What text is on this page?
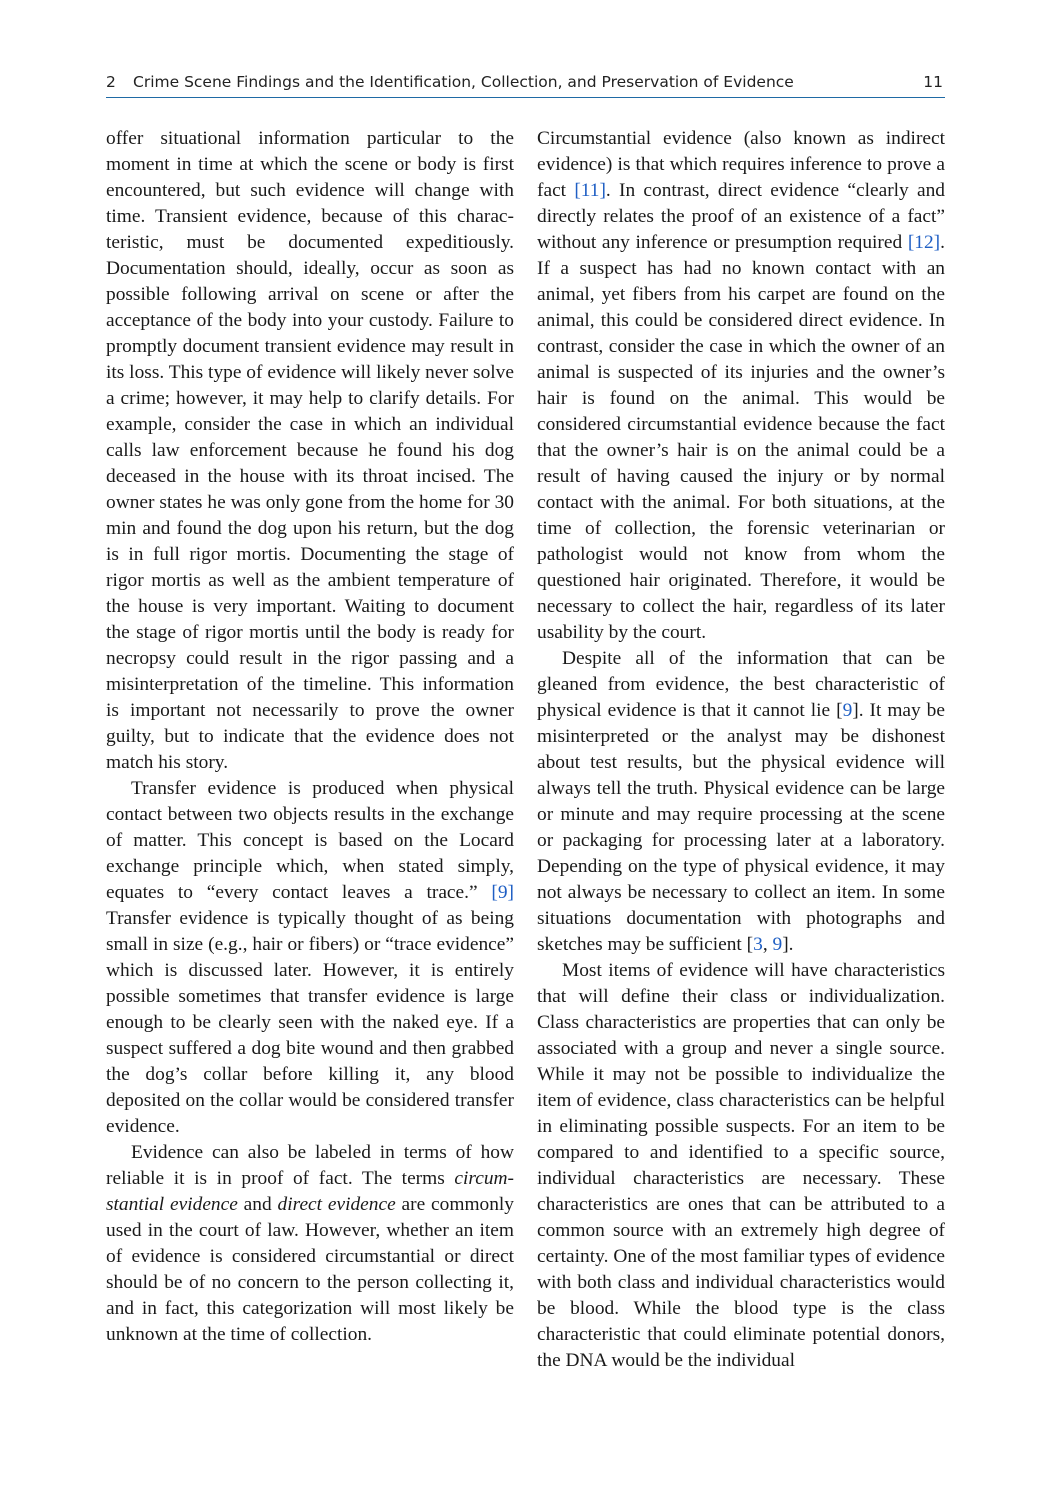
2 Crime Scene Findings and the Identification, Collection, and Preservation of Evidence	11

offer situational information particular to the moment in time at which the scene or body is first encountered, but such evidence will change with time. Transient evidence, because of this characteristic, must be documented expeditiously. Documentation should, ideally, occur as soon as possible following arrival on scene or after the acceptance of the body into your custody. Failure to promptly document transient evidence may result in its loss. This type of evidence will likely never solve a crime; however, it may help to clarify details. For example, consider the case in which an individual calls law enforcement because he found his dog deceased in the house with its throat incised. The owner states he was only gone from the home for 30 min and found the dog upon his return, but the dog is in full rigor mortis. Documenting the stage of rigor mortis as well as the ambient temperature of the house is very important. Waiting to document the stage of rigor mortis until the body is ready for necropsy could result in the rigor passing and a misinterpretation of the timeline. This information is important not necessarily to prove the owner guilty, but to indicate that the evidence does not match his story.

Transfer evidence is produced when physical contact between two objects results in the exchange of matter. This concept is based on the Locard exchange principle which, when stated simply, equates to “every contact leaves a trace.” [9] Transfer evidence is typically thought of as being small in size (e.g., hair or fibers) or “trace evidence” which is discussed later. However, it is entirely possible sometimes that transfer evidence is large enough to be clearly seen with the naked eye. If a suspect suffered a dog bite wound and then grabbed the dog’s collar before killing it, any blood deposited on the collar would be considered transfer evidence.

Evidence can also be labeled in terms of how reliable it is in proof of fact. The terms circumstantial evidence and direct evidence are commonly used in the court of law. However, whether an item of evidence is considered circumstantial or direct should be of no concern to the person collecting it, and in fact, this categorization will most likely be unknown at the time of collection.

Circumstantial evidence (also known as indirect evidence) is that which requires inference to prove a fact [11]. In contrast, direct evidence “clearly and directly relates the proof of an existence of a fact” without any inference or presumption required [12]. If a suspect has had no known contact with an animal, yet fibers from his carpet are found on the animal, this could be considered direct evidence. In contrast, consider the case in which the owner of an animal is suspected of its injuries and the owner’s hair is found on the animal. This would be considered circumstantial evidence because the fact that the owner’s hair is on the animal could be a result of having caused the injury or by normal contact with the animal. For both situations, at the time of collection, the forensic veterinarian or pathologist would not know from whom the questioned hair originated. Therefore, it would be necessary to collect the hair, regardless of its later usability by the court.

Despite all of the information that can be gleaned from evidence, the best characteristic of physical evidence is that it cannot lie [9]. It may be misinterpreted or the analyst may be dishonest about test results, but the physical evidence will always tell the truth. Physical evidence can be large or minute and may require processing at the scene or packaging for processing later at a laboratory. Depending on the type of physical evidence, it may not always be necessary to collect an item. In some situations documentation with photographs and sketches may be sufficient [3, 9].

Most items of evidence will have characteristics that will define their class or individualization. Class characteristics are properties that can only be associated with a group and never a single source. While it may not be possible to individualize the item of evidence, class characteristics can be helpful in eliminating possible suspects. For an item to be compared to and identified to a specific source, individual characteristics are necessary. These characteristics are ones that can be attributed to a common source with an extremely high degree of certainty. One of the most familiar types of evidence with both class and individual characteristics would be blood. While the blood type is the class characteristic that could eliminate potential donors, the DNA would be the individual
